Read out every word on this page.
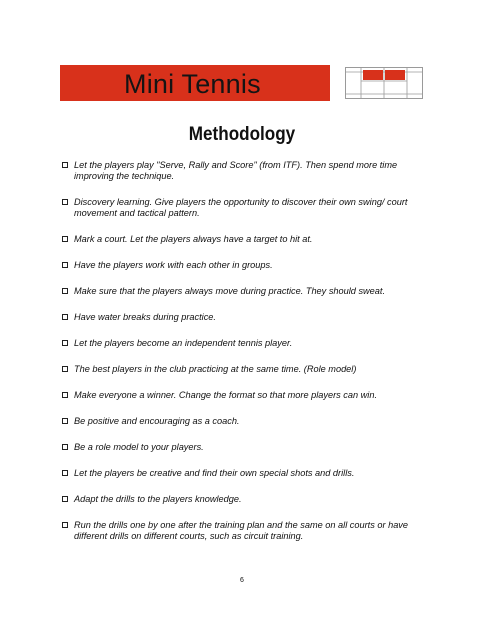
Mini Tennis
Methodology
Let the players play "Serve, Rally and Score" (from ITF). Then spend more time improving the technique.
Discovery learning. Give players the opportunity to discover their own swing/ court movement and tactical pattern.
Mark a court. Let the players always have a target to hit at.
Have the players work with each other in groups.
Make sure that the players always move during practice. They should sweat.
Have water breaks during practice.
Let the players become an independent tennis player.
The best players in the club practicing at the same time. (Role model)
Make everyone a winner. Change the format so that more players can win.
Be positive and encouraging as a coach.
Be a role model to your players.
Let the players be creative and find their own special shots and drills.
Adapt the drills to the players knowledge.
Run the drills one by one after the training plan and the same on all courts or have different drills on different courts, such as circuit training.
6
